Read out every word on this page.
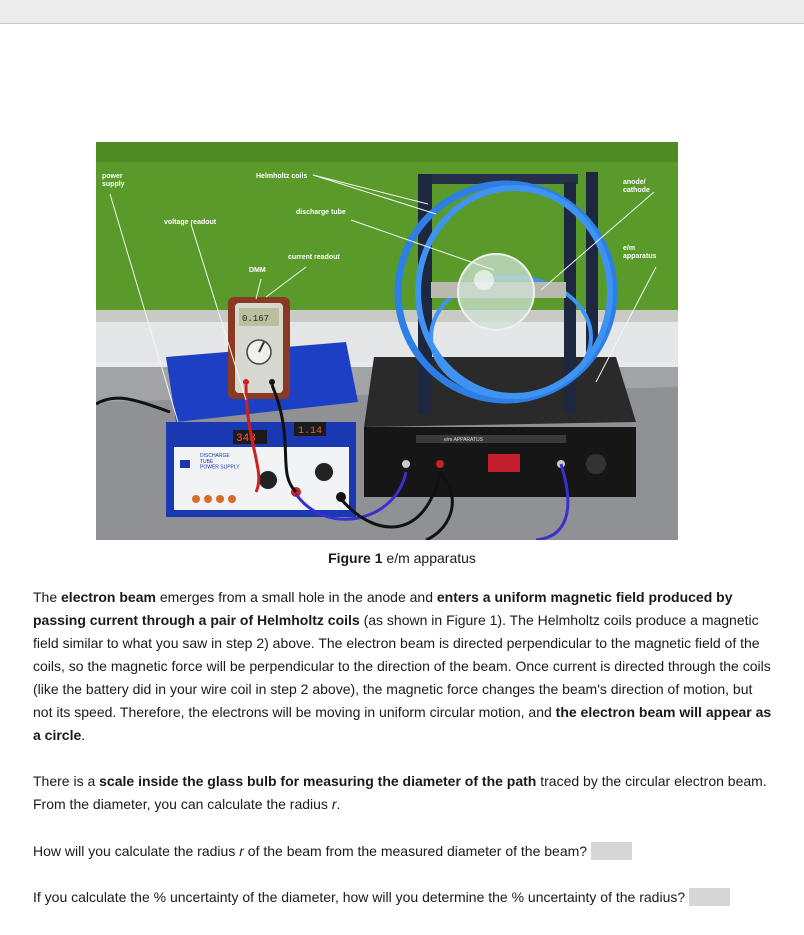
348
1.14
DISCHARGE TUBE POWER SUPPLY
0.167
e/m APPARATUS
power supply
Helmholtz coils
anode/ cathode
discharge tube
voltage readout
e/m apparatus
current readout
DMM
Figure 1 e/m apparatus

The electron beam emerges from a small hole in the anode and enters a uniform magnetic field produced by passing current through a pair of Helmholtz coils (as shown in Figure 1). The Helmholtz coils produce a magnetic field similar to what you saw in step 2) above. The electron beam is directed perpendicular to the magnetic field of the coils, so the magnetic force will be perpendicular to the direction of the beam. Once current is directed through the coils (like the battery did in your wire coil in step 2 above), the magnetic force changes the beam's direction of motion, but not its speed. Therefore, the electrons will be moving in uniform circular motion, and the electron beam will appear as a circle.

There is a scale inside the glass bulb for measuring the diameter of the path traced by the circular electron beam. From the diameter, you can calculate the radius r.

How will you calculate the radius r of the beam from the measured diameter of the beam?

If you calculate the % uncertainty of the diameter, how will you determine the % uncertainty of the radius?
